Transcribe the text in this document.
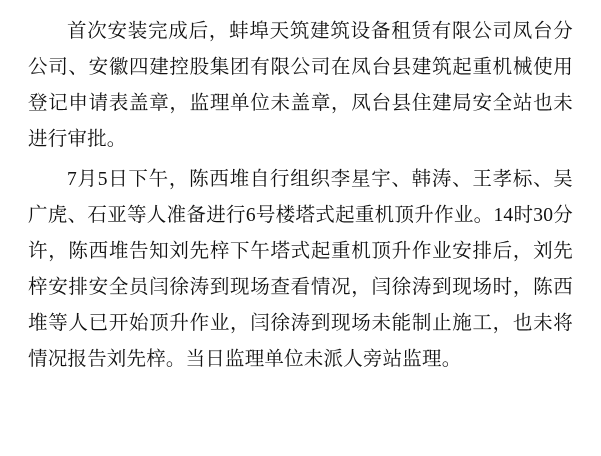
首次安装完成后，蚌埠天筑建筑设备租赁有限公司凤台分公司、安徽四建控股集团有限公司在凤台县建筑起重机械使用登记申请表盖章，监理单位未盖章，凤台县住建局安全站也未进行审批。

7月5日下午，陈西堆自行组织李星宇、韩涛、王孝标、吴广虎、石亚等人准备进行6号楼塔式起重机顶升作业。14时30分许，陈西堆告知刘先梓下午塔式起重机顶升作业安排后，刘先梓安排安全员闫徐涛到现场查看情况，闫徐涛到现场时，陈西堆等人已开始顶升作业，闫徐涛到现场未能制止施工，也未将情况报告刘先梓。当日监理单位未派人旁站监理。
